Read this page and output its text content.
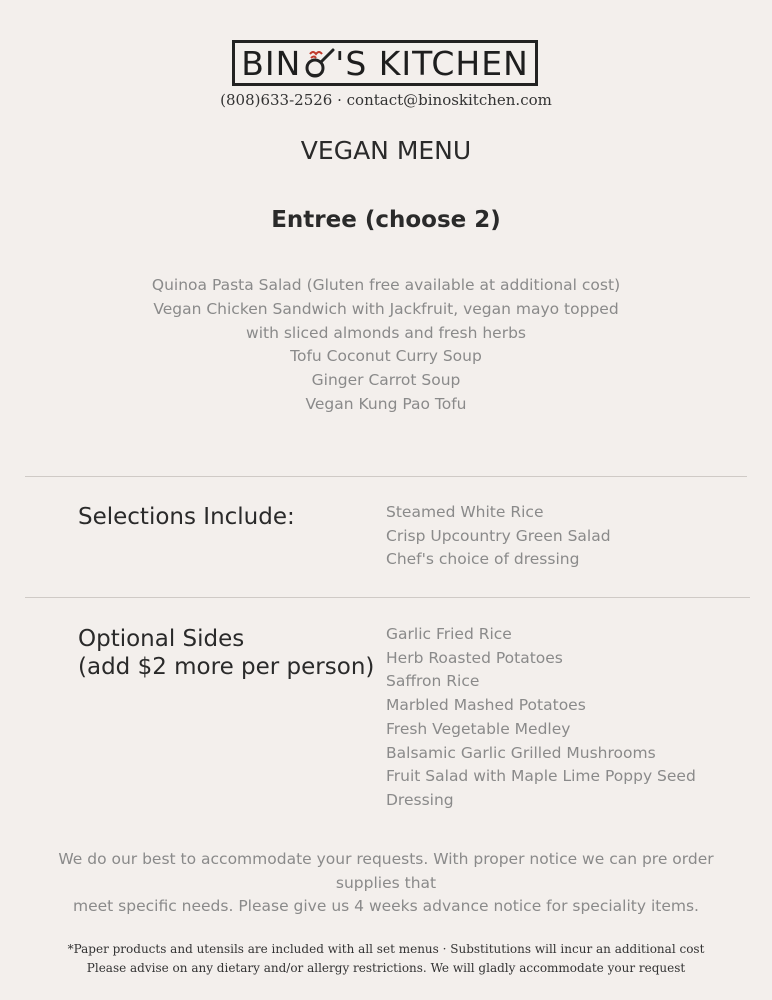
BIN 'S KITCHEN
(808)633-2526 · contact@binoskitchen.com
VEGAN MENU
Entree (choose 2)
Quinoa Pasta Salad (Gluten free available at additional cost)
Vegan Chicken Sandwich with Jackfruit, vegan mayo topped
with sliced almonds and fresh herbs
Tofu Coconut Curry Soup
Ginger Carrot Soup
Vegan Kung Pao Tofu
Selections Include:	Steamed White Rice
Crisp Upcountry Green Salad
Chef's choice of dressing
Optional Sides
(add $2 more per person)
Garlic Fried Rice
Herb Roasted Potatoes
Saffron Rice
Marbled Mashed Potatoes
Fresh Vegetable Medley
Balsamic Garlic Grilled Mushrooms
Fruit Salad with Maple Lime Poppy Seed
Dressing

We do our best to accommodate your requests. With proper notice we can pre order supplies that
meet specific needs. Please give us 4 weeks advance notice for speciality items.

*Paper products and utensils are included with all set menus · Substitutions will incur an additional cost
Please advise on any dietary and/or allergy restrictions. We will gladly accommodate your request
